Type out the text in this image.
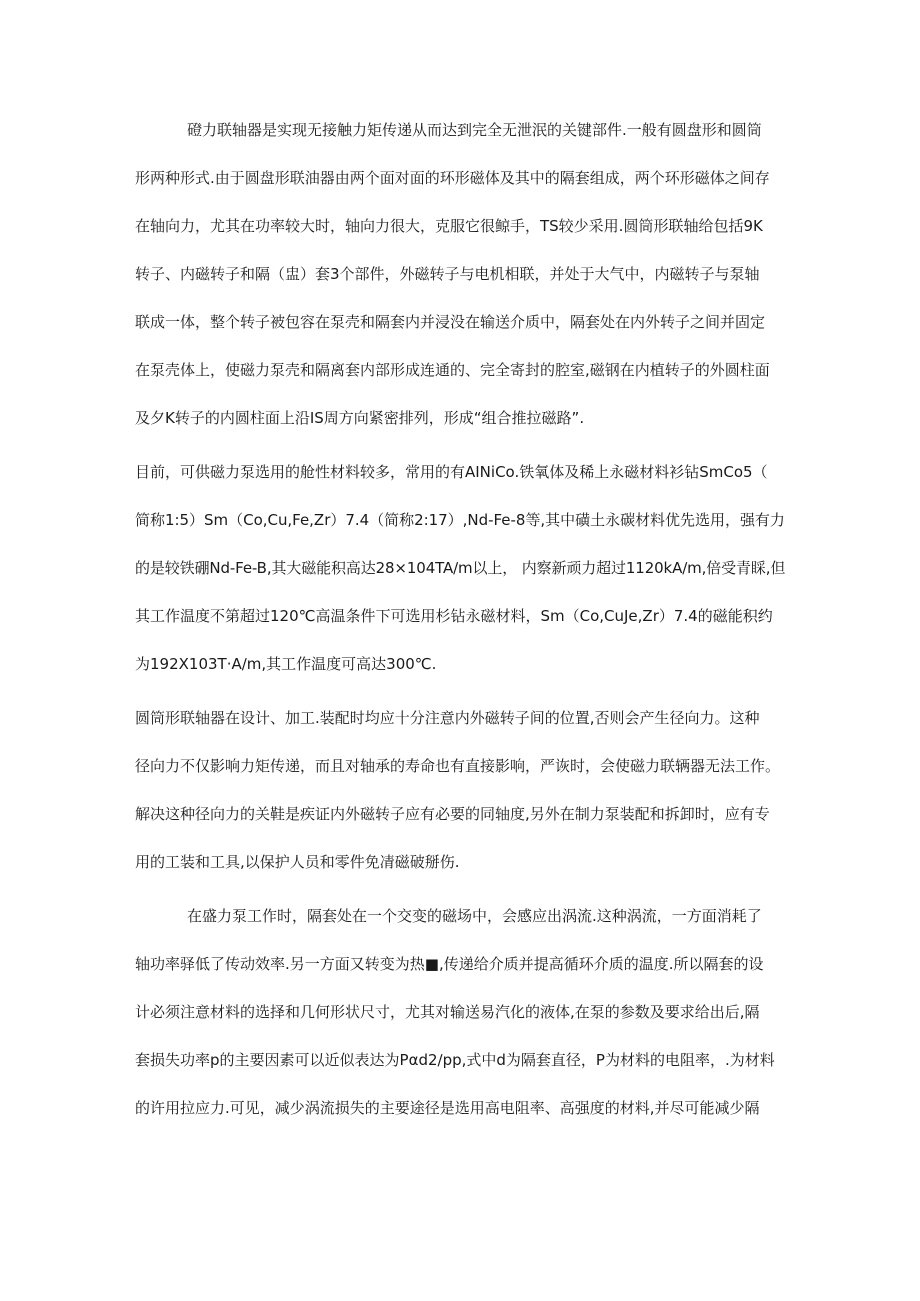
磴力联轴器是实现无接触力矩传递从而达到完全无泄泯的关键部件.一般有圆盘形和圆筒
形两种形式.由于圆盘形联油器由两个面对面的环形磁体及其中的隔套组成，两个环形磁体之间存
在轴向力，尤其在功率较大时，轴向力很大，克服它很鲸手，TS较少采用.圆筒形联轴给包括9K
转子、内磁转子和隔（盅）套3个部件，外磁转子与电机相联，并处于大气中，内磁转子与泵轴
联成一体，整个转子被包容在泵壳和隔套内并浸没在输送介质中，隔套处在内外转子之间并固定
在泵壳体上，使磁力泵壳和隔离套内部形成连通的、完全寄封的腔室,磁钢在内植转子的外圆柱面
及夕K转子的内圆柱面上沿IS周方向紧密排列，形成“组合推拉磁路”.
目前，可供磁力泵选用的舱性材料较多，常用的有AINiCo.铁氧体及稀上永磁材料衫钻SmCo5（
简称1:5）Sm（Co,Cu,Fe,Zr）7.4（简称2:17）,Nd-Fe-8等,其中磺土永碳材料优先选用，强有力
的是较铁硼Nd-Fe-B,其大磁能积高达28×104TA∕m以上， 内察新顽力超过1120kA∕m,倍受青睬,但
其工作温度不第超过120℃高温条件下可选用杉钻永磁材料，Sm（Co,CuJe,Zr）7.4的磁能积约
为192X103T·A∕m,其工作温度可高达300℃.
圆筒形联轴器在设计、加工.装配时均应十分注意内外磁转子间的位置,否则会产生径向力。这种
径向力不仅影响力矩传递，而且对轴承的寿命也有直接影响，严诙时，会使磁力联辆器无法工作。
解决这种径向力的关鞋是疾证内外磁转子应有必要的同轴度,另外在制力泵装配和拆卸时，应有专
用的工装和工具,以保护人员和零件免凊磁破掰伤.
在盛力泵工作时，隔套处在一个交变的磁场中，会感应出涡流.这种涡流，一方面消耗了
轴功率驿低了传动效率.另一方面又转变为热■,传递给介质并提高循环介质的温度.所以隔套的设
计必须注意材料的选择和几何形状尺寸，尤其对输送易汽化的液体,在泵的参数及要求给出后,隔
套损失功率p的主要因素可以近似表达为Pαd2∕pp,式中d为隔套直径，P为材料的电阻率，.为材料
的许用拉应力.可见，减少涡流损失的主要途径是选用高电阻率、高强度的材料,并尽可能减少隔
